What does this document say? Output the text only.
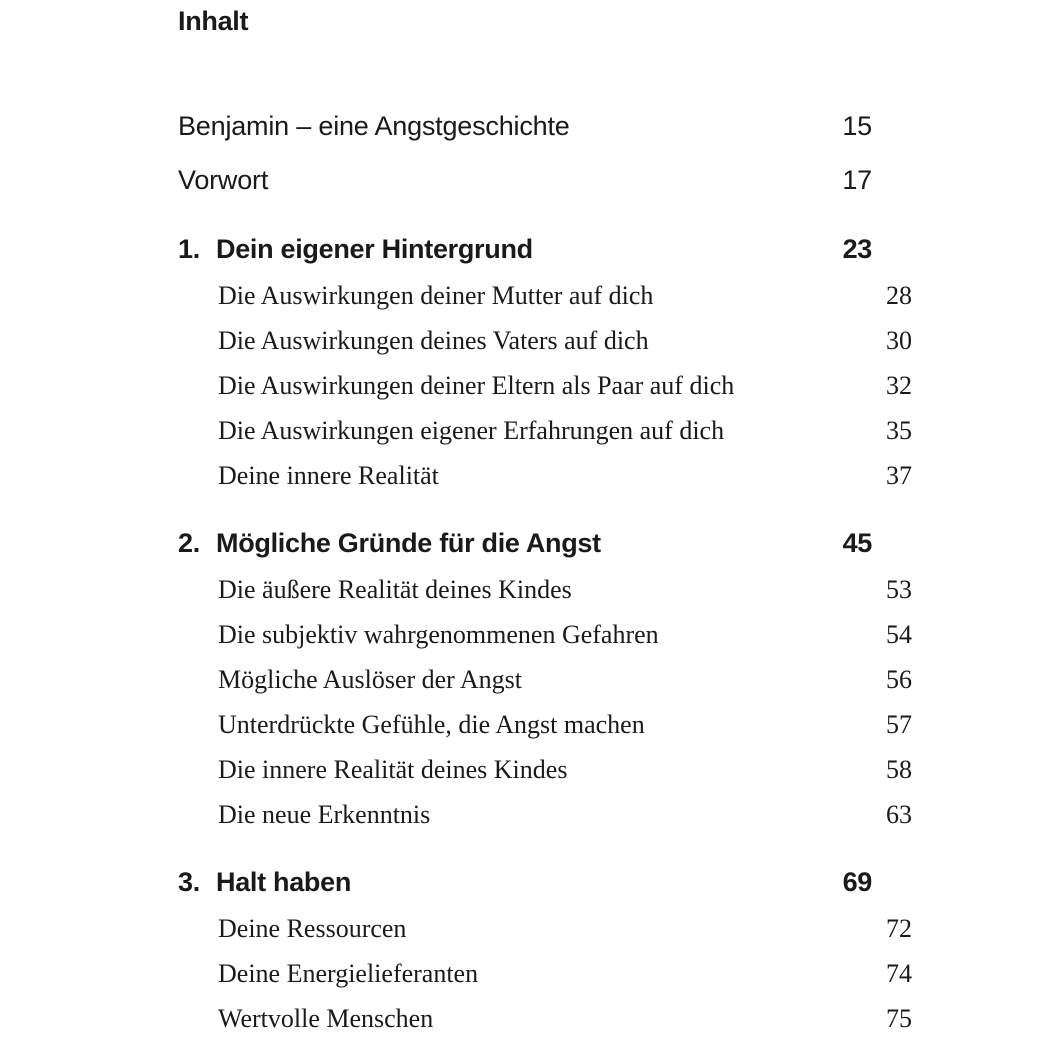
Inhalt
Benjamin – eine Angstgeschichte	15
Vorwort	17
1. Dein eigener Hintergrund	23
Die Auswirkungen deiner Mutter auf dich	28
Die Auswirkungen deines Vaters auf dich	30
Die Auswirkungen deiner Eltern als Paar auf dich	32
Die Auswirkungen eigener Erfahrungen auf dich	35
Deine innere Realität	37
2. Mögliche Gründe für die Angst	45
Die äußere Realität deines Kindes	53
Die subjektiv wahrgenommenen Gefahren	54
Mögliche Auslöser der Angst	56
Unterdrückte Gefühle, die Angst machen	57
Die innere Realität deines Kindes	58
Die neue Erkenntnis	63
3. Halt haben	69
Deine Ressourcen	72
Deine Energielieferanten	74
Wertvolle Menschen	75
